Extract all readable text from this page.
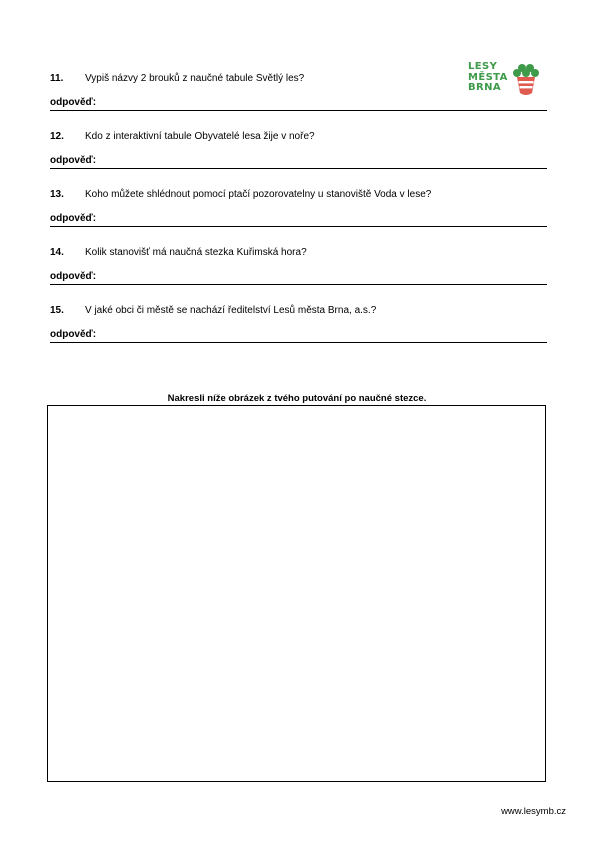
LESY
MĚSTA
BRNA
11. Vypiš názvy 2 brouků z naučné tabule Světlý les?
odpověď:
12. Kdo z interaktivní tabule Obyvatelé lesa žije v noře?
odpověď:
13. Koho můžete shlédnout pomocí ptačí pozorovatelny u stanoviště Voda v lese?
odpověď:
14. Kolik stanovišť má naučná stezka Kuřimská hora?
odpověď:
15. V jaké obci či městě se nachází ředitelství Lesů města Brna, a.s.?
odpověď:
Nakresli níže obrázek z tvého putování po naučné stezce.
www.lesymb.cz
